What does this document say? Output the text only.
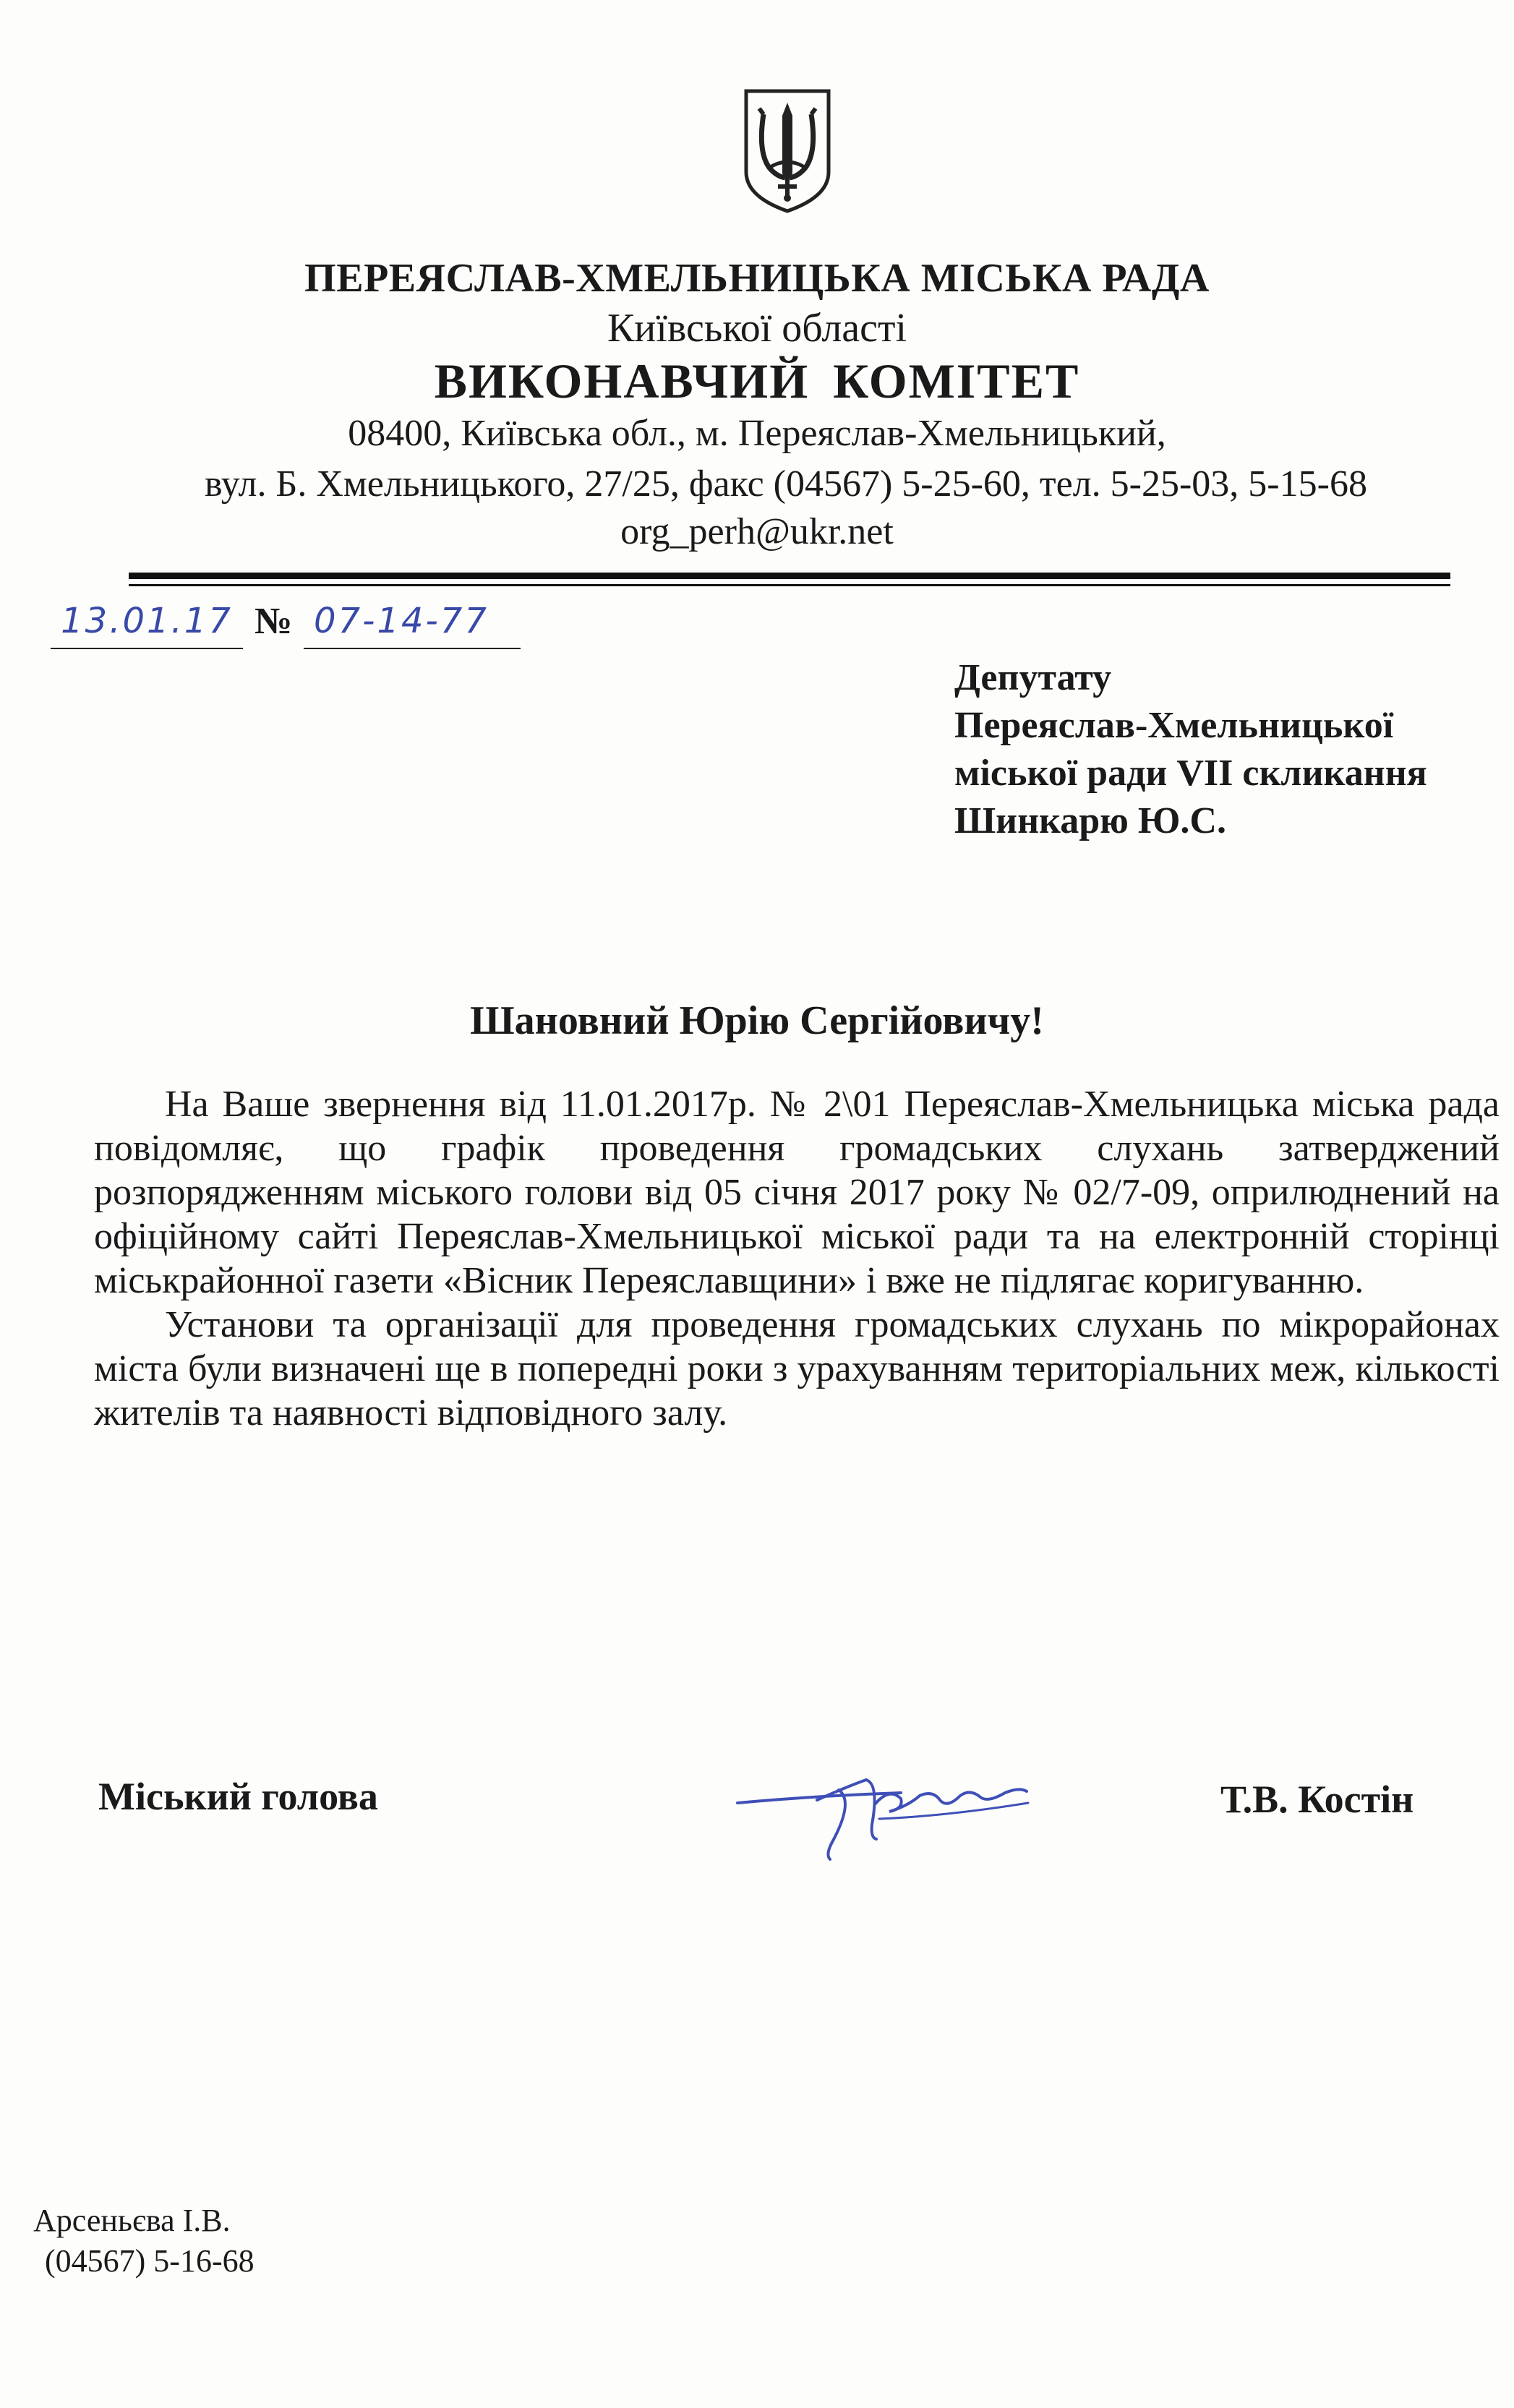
ПЕРЕЯСЛАВ-ХМЕЛЬНИЦЬКА МІСЬКА РАДА
Київської області
ВИКОНАВЧИЙ КОМІТЕТ
08400, Київська обл., м. Переяслав-Хмельницький,
вул. Б. Хмельницького, 27/25, факс (04567) 5-25-60, тел. 5-25-03, 5-15-68
org_perh@ukr.net
13.01.17 № 07-14-77
Депутату
Переяслав-Хмельницької
міської ради VII скликання
Шинкарю Ю.С.
Шановний Юрію Сергійовичу!

На Ваше звернення від 11.01.2017р. № 2\01 Переяслав-Хмельницька міська рада повідомляє, що графік проведення громадських слухань затверджений розпорядженням міського голови від 05 січня 2017 року № 02/7-09, оприлюднений на офіційному сайті Переяслав-Хмельницької міської ради та на електронній сторінці міськрайонної газети «Вісник Переяславщини» і вже не підлягає коригуванню.

Установи та організації для проведення громадських слухань по мікрорайонах міста були визначені ще в попередні роки з урахуванням територіальних меж, кількості жителів та наявності відповідного залу.

Міський голова	Т.В. Костін
Арсеньєва І.В.
(04567) 5-16-68
